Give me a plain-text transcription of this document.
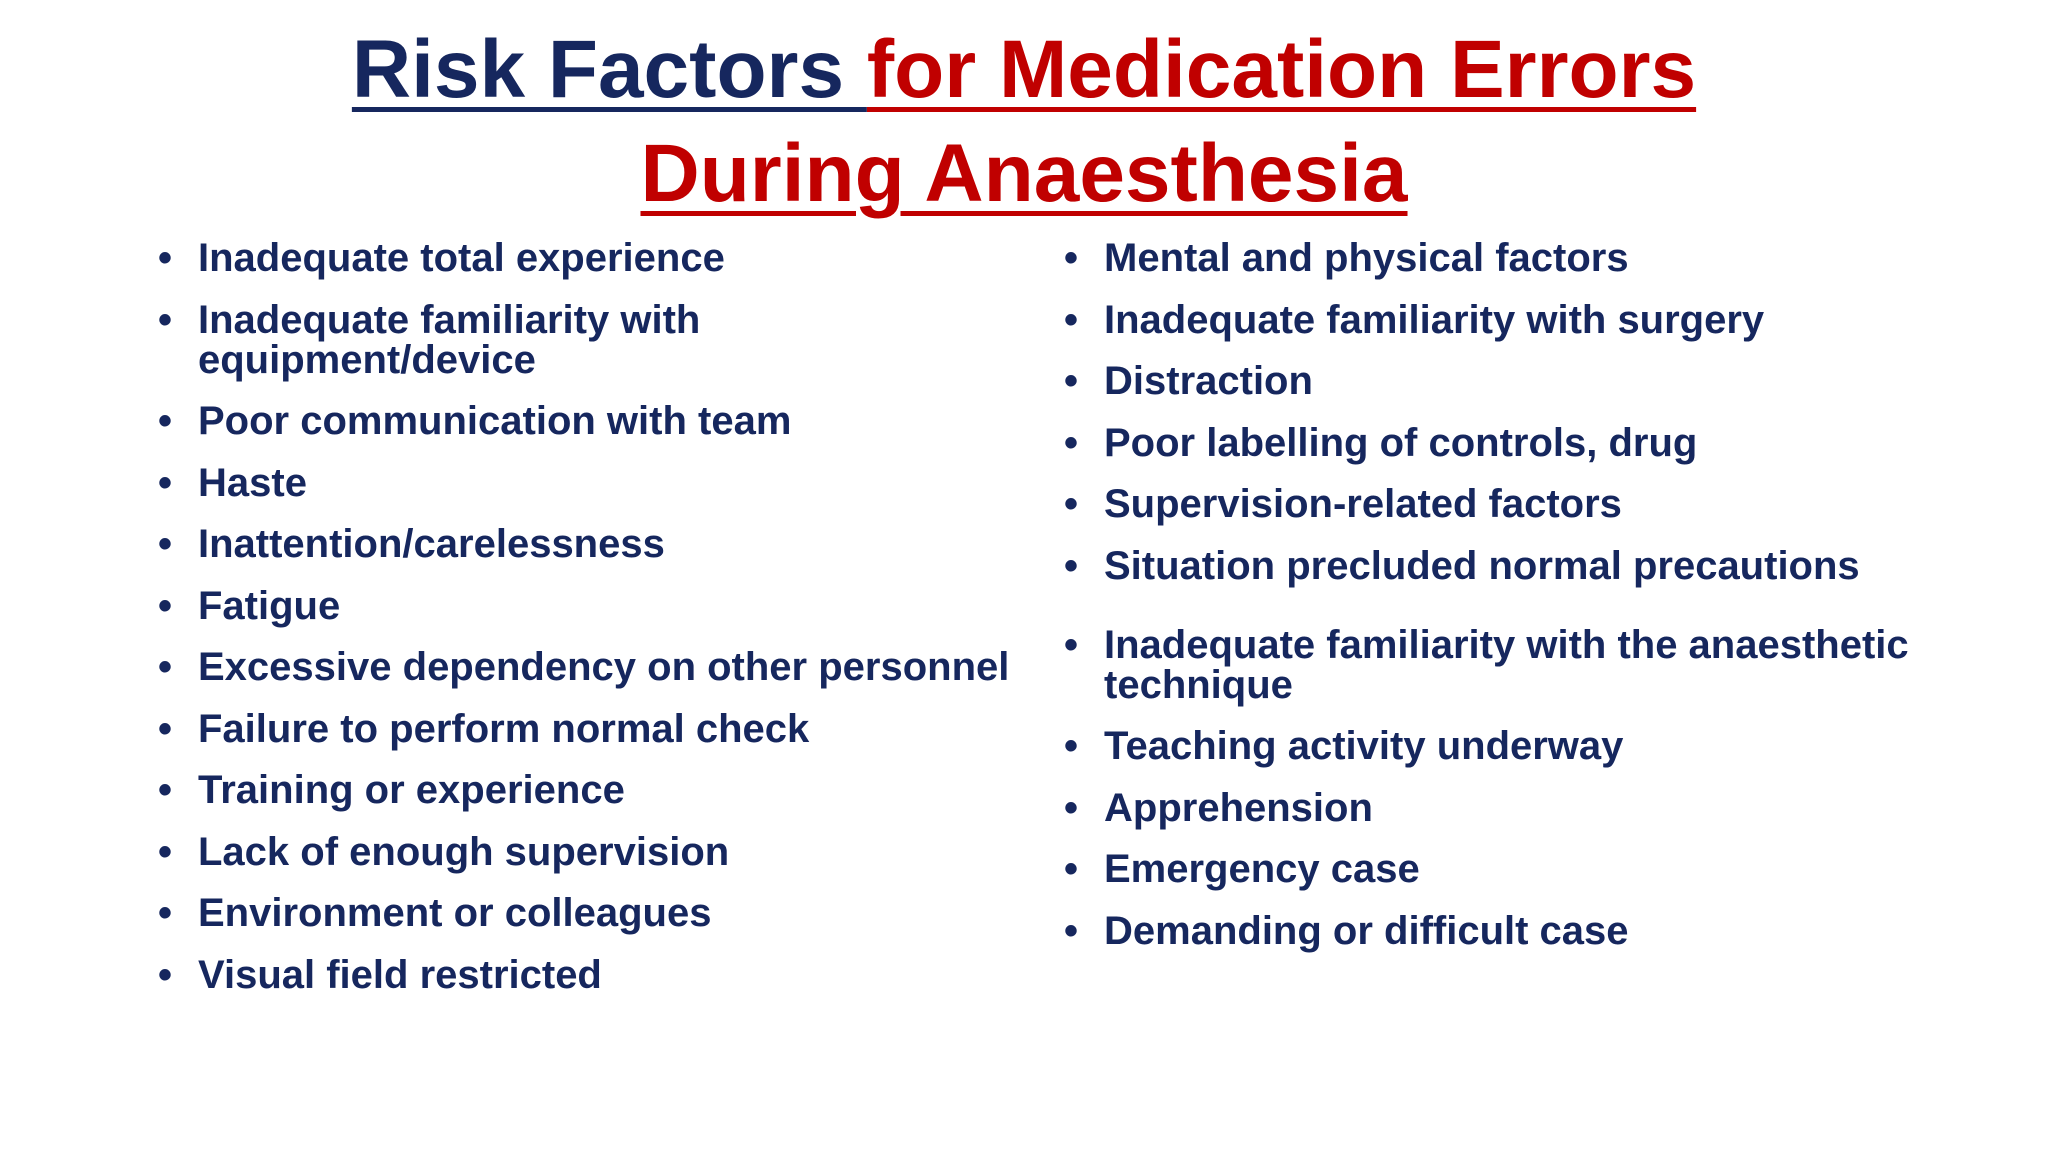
Risk Factors for Medication Errors
During Anaesthesia
• Inadequate total experience
• Inadequate familiarity with equipment/device
• Poor communication with team
• Haste
• Inattention/carelessness
• Fatigue
• Excessive dependency on other personnel
• Failure to perform normal check
• Training or experience
• Lack of enough supervision
• Environment or colleagues
• Visual field restricted
• Mental and physical factors
• Inadequate familiarity with surgery
• Distraction
• Poor labelling of controls, drug
• Supervision-related factors
• Situation precluded normal precautions
• Inadequate familiarity with the anaesthetic technique
• Teaching activity underway
• Apprehension
• Emergency case
• Demanding or difficult case
